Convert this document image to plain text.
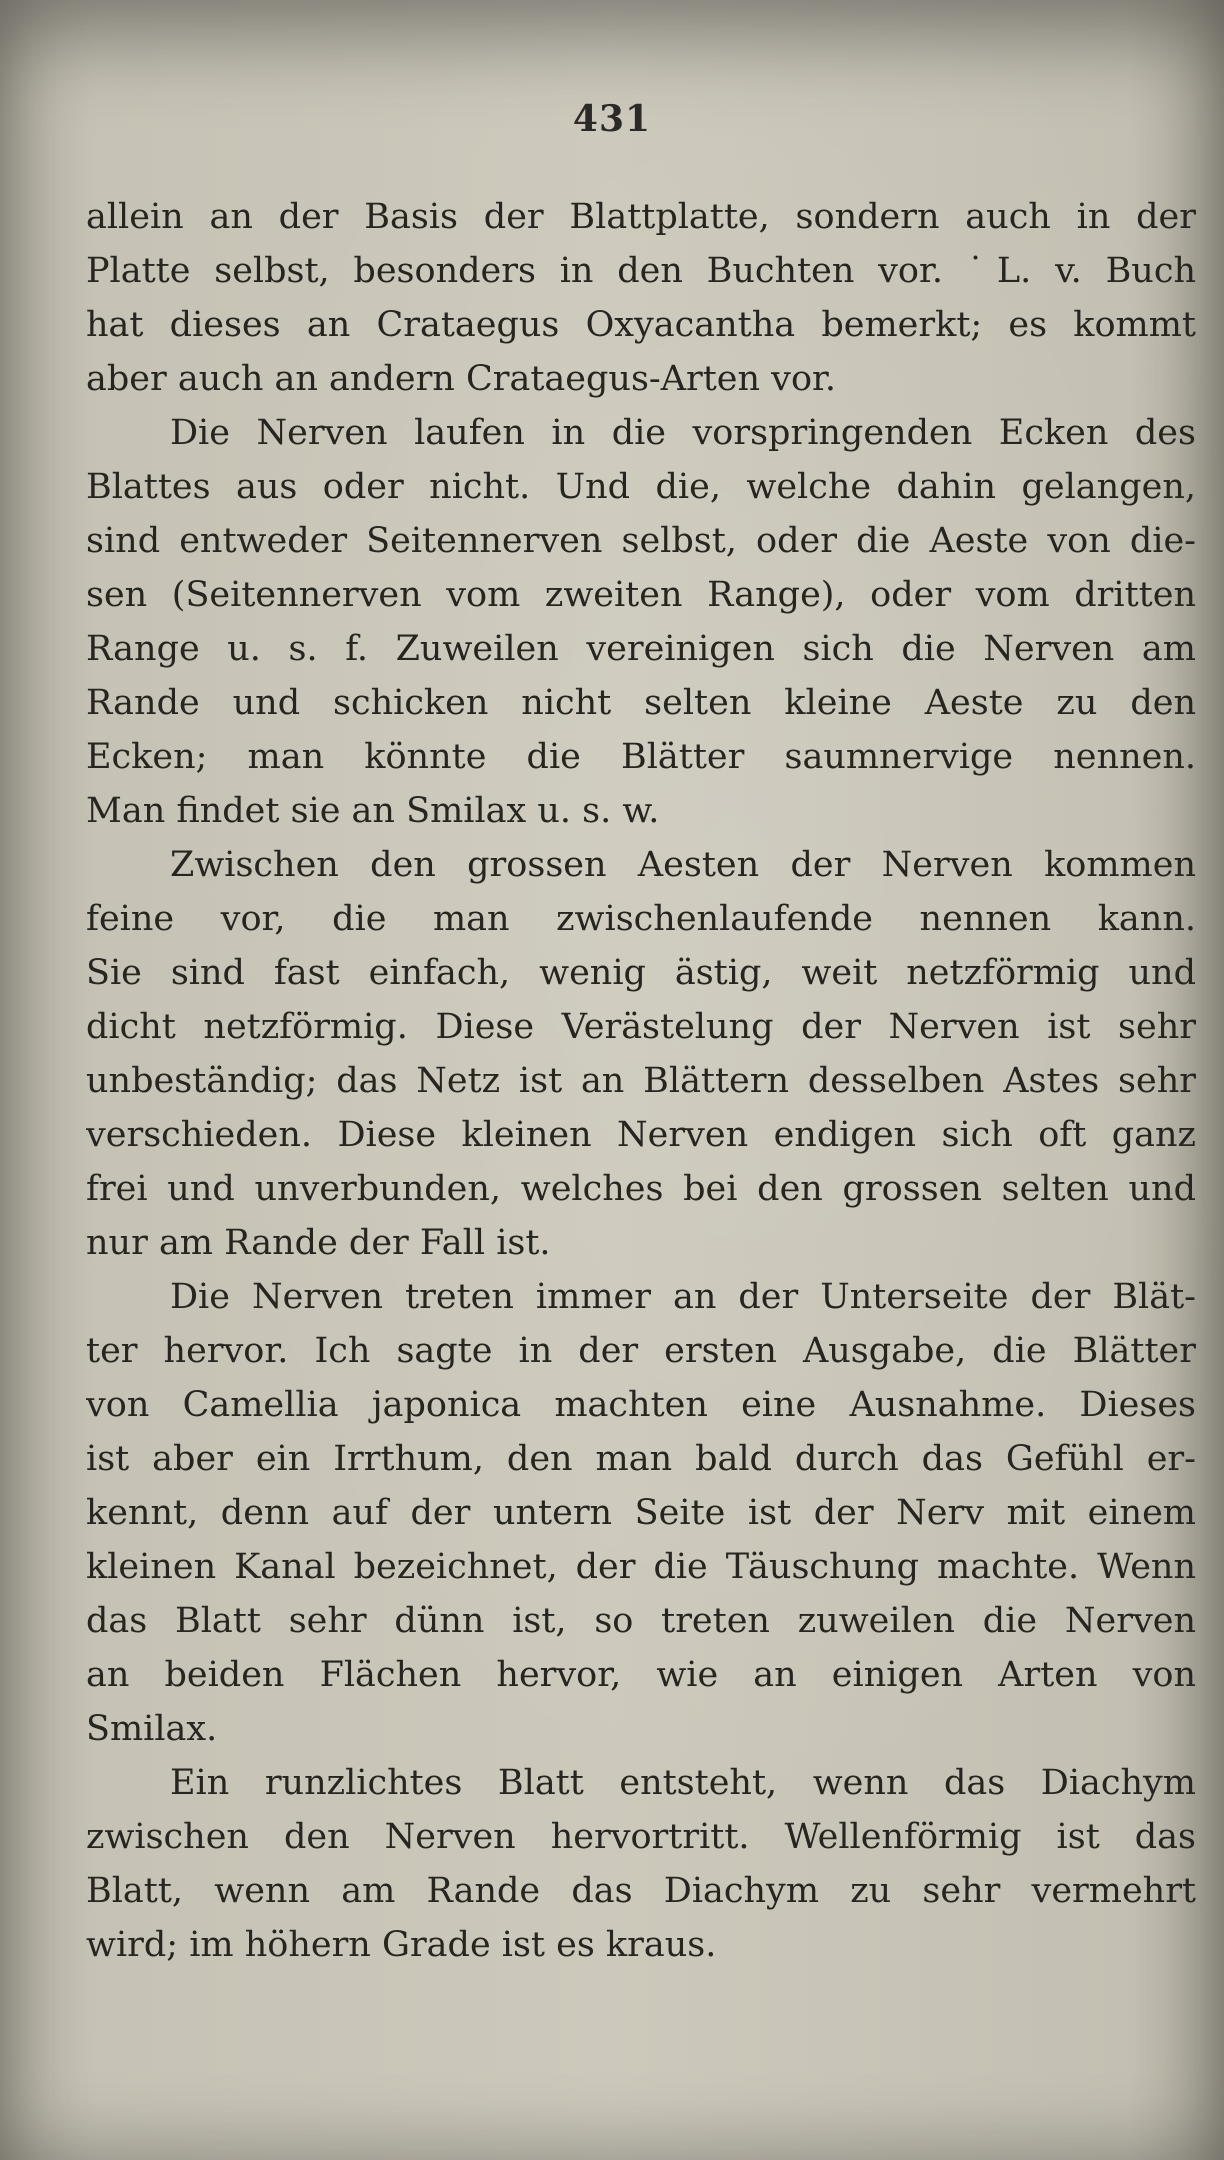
431
allein an der Basis der Blattplatte, sondern auch in der
Platte selbst, besonders in den Buchten vor. ˙L. v. Buch
hat dieses an Crataegus Oxyacantha bemerkt; es kommt
aber auch an andern Crataegus-Arten vor.
Die Nerven laufen in die vorspringenden Ecken des
Blattes aus oder nicht. Und die, welche dahin gelangen,
sind entweder Seitennerven selbst, oder die Aeste von die-
sen (Seitennerven vom zweiten Range), oder vom dritten
Range u. s. f. Zuweilen vereinigen sich die Nerven am
Rande und schicken nicht selten kleine Aeste zu den
Ecken; man könnte die Blätter saumnervige nennen.
Man findet sie an Smilax u. s. w.
Zwischen den grossen Aesten der Nerven kommen
feine vor, die man zwischenlaufende nennen kann.
Sie sind fast einfach, wenig ästig, weit netzförmig und
dicht netzförmig. Diese Verästelung der Nerven ist sehr
unbeständig; das Netz ist an Blättern desselben Astes sehr
verschieden. Diese kleinen Nerven endigen sich oft ganz
frei und unverbunden, welches bei den grossen selten und
nur am Rande der Fall ist.
Die Nerven treten immer an der Unterseite der Blät-
ter hervor. Ich sagte in der ersten Ausgabe, die Blätter
von Camellia japonica machten eine Ausnahme. Dieses
ist aber ein Irrthum, den man bald durch das Gefühl er-
kennt, denn auf der untern Seite ist der Nerv mit einem
kleinen Kanal bezeichnet, der die Täuschung machte. Wenn
das Blatt sehr dünn ist, so treten zuweilen die Nerven
an beiden Flächen hervor, wie an einigen Arten von
Smilax.
Ein runzlichtes Blatt entsteht, wenn das Diachym
zwischen den Nerven hervortritt. Wellenförmig ist das
Blatt, wenn am Rande das Diachym zu sehr vermehrt
wird; im höhern Grade ist es kraus.
